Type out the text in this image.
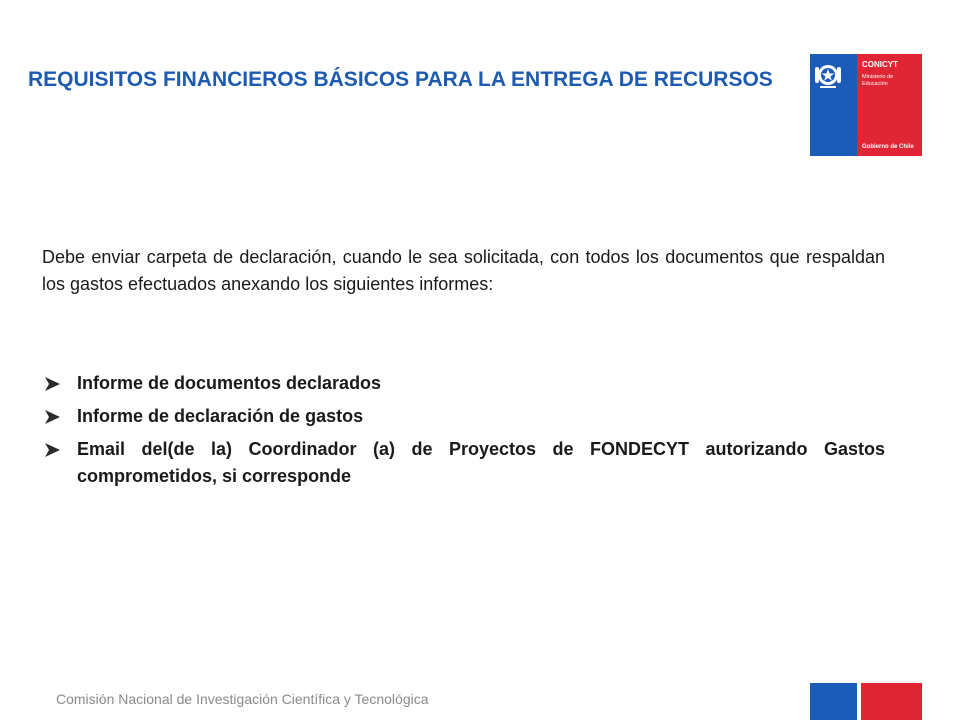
REQUISITOS FINANCIEROS BÁSICOS PARA LA ENTREGA DE RECURSOS
CONICYT
Ministerio de
Educación
Gobierno de Chile

Debe enviar carpeta de declaración, cuando le sea solicitada, con todos los documentos que respaldan los gastos efectuados anexando los siguientes informes:

Informe de documentos declarados
Informe de declaración de gastos
Email del(de la) Coordinador (a) de Proyectos de FONDECYT autorizando Gastos comprometidos, si corresponde
Comisión Nacional de Investigación Científica y Tecnológica
